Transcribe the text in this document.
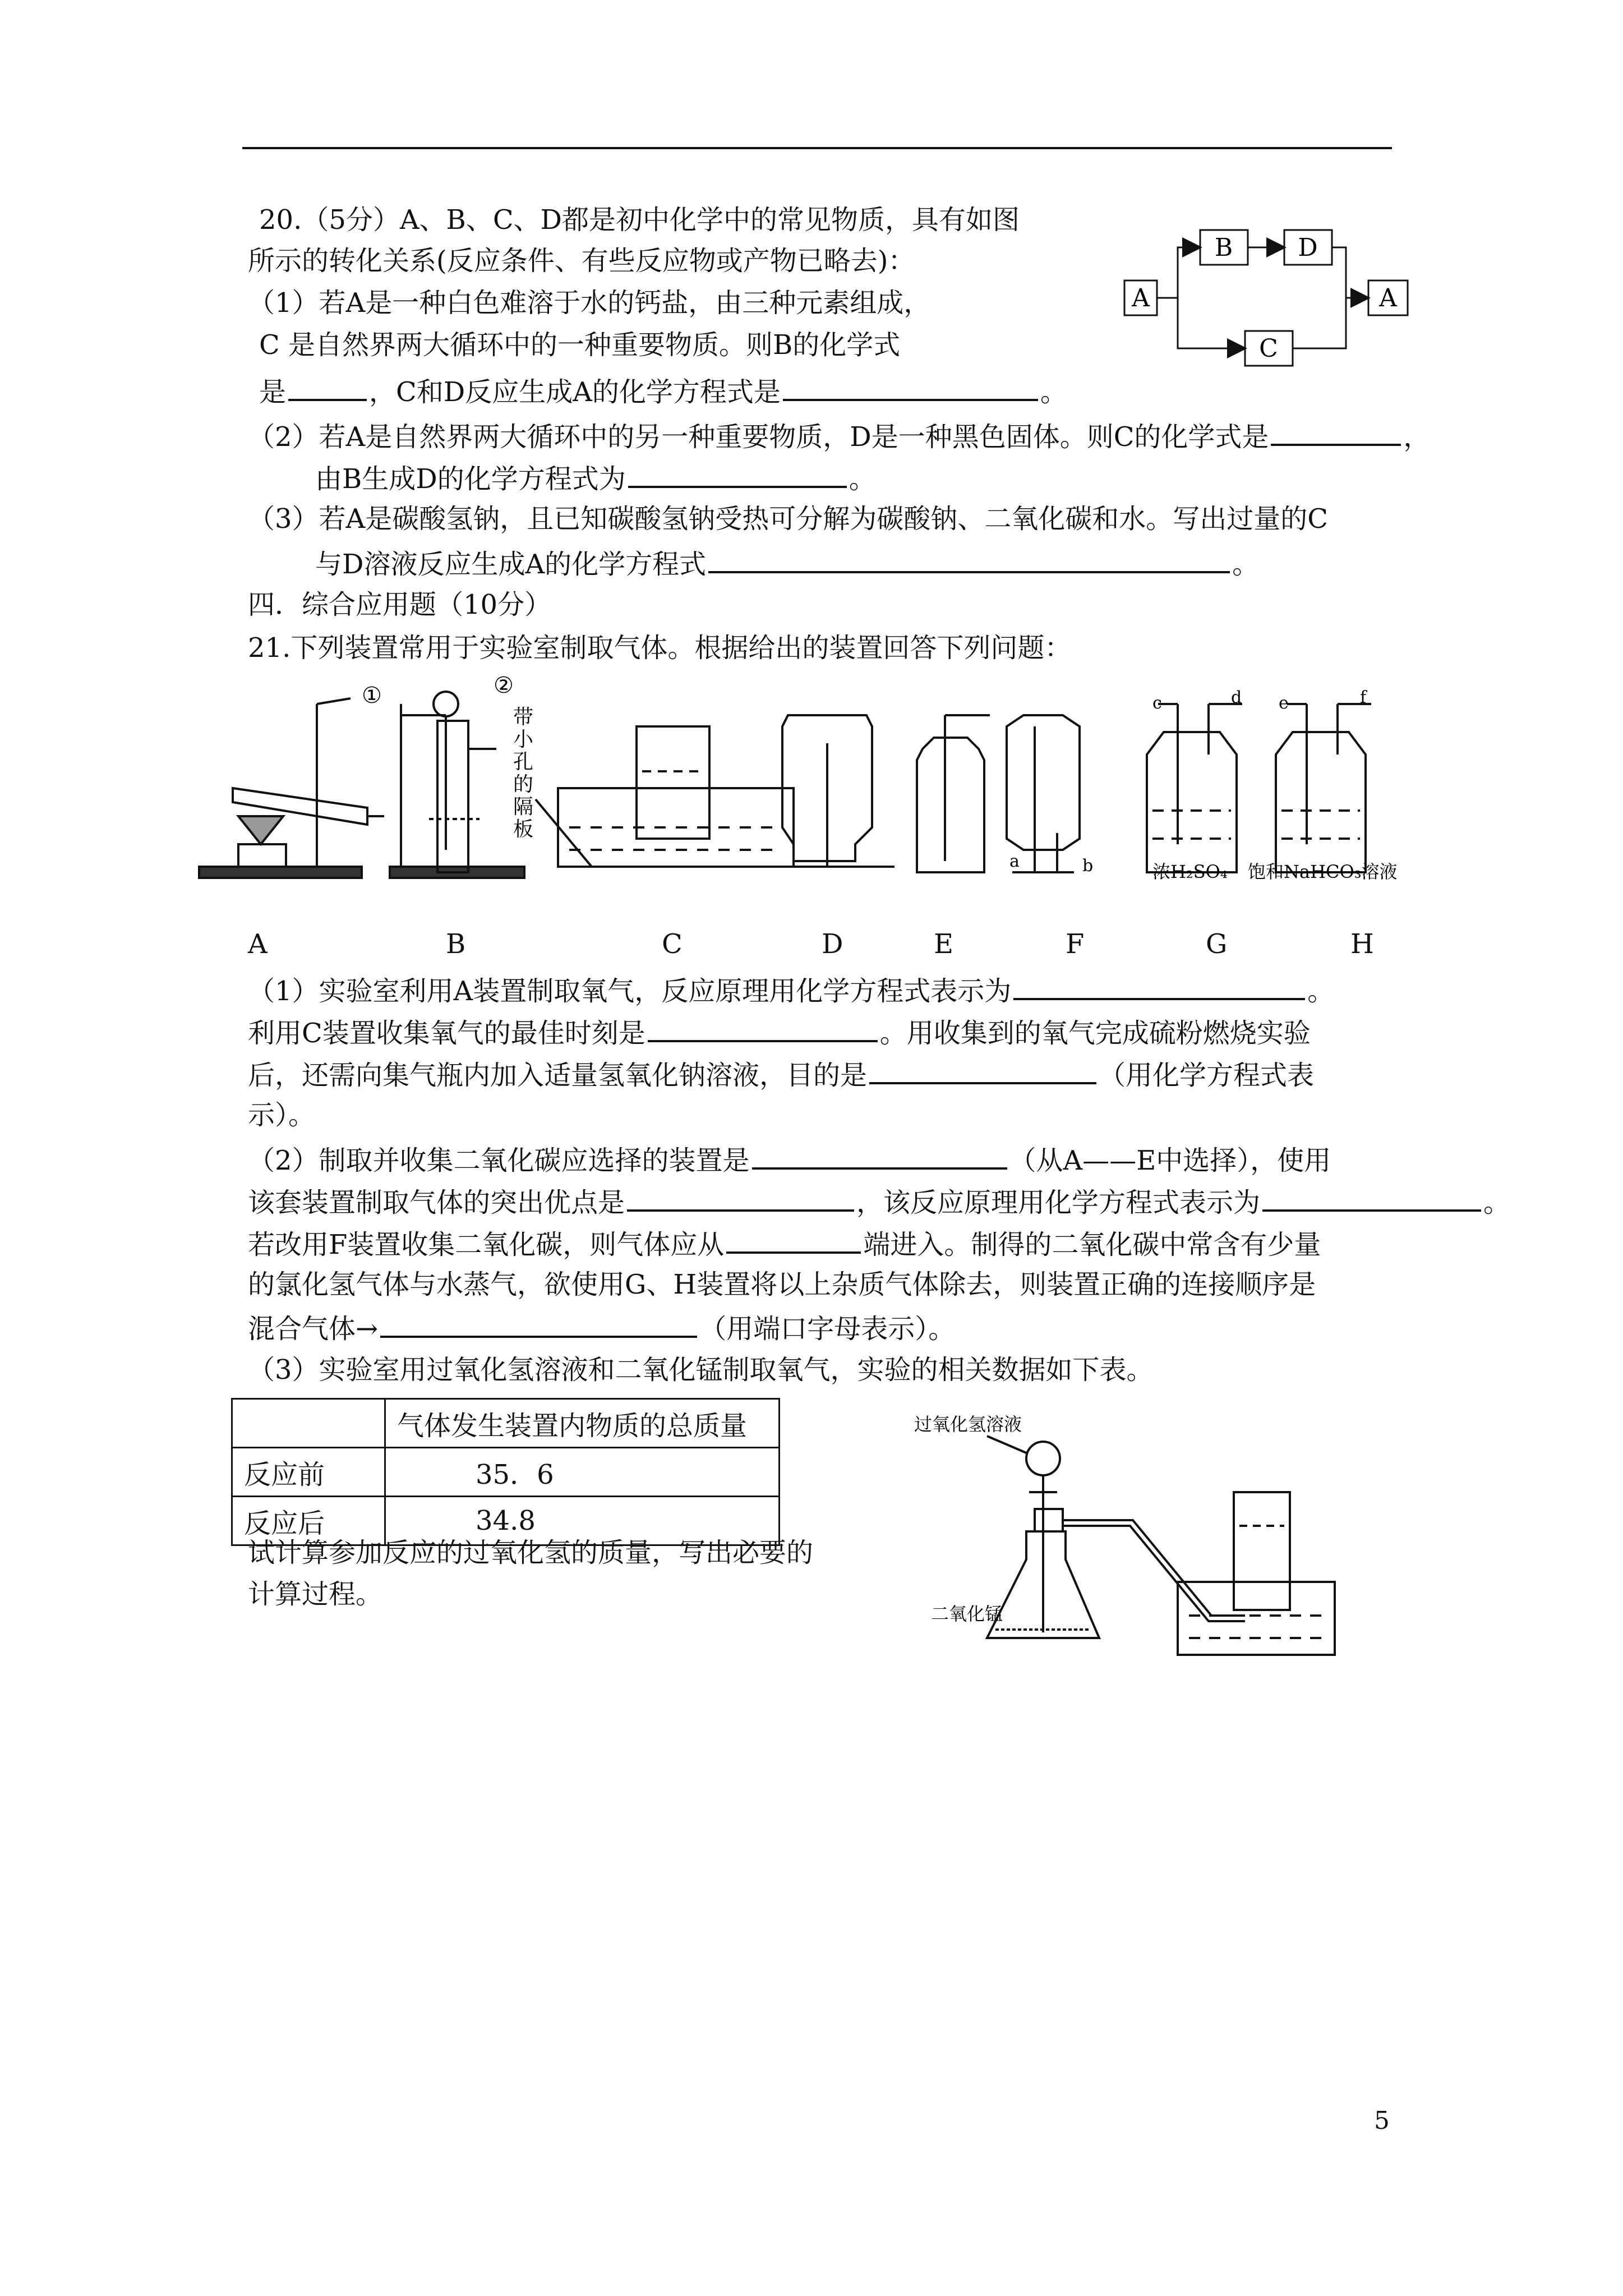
20.（5分）A、B、C、D都是初中化学中的常见物质，具有如图
所示的转化关系(反应条件、有些反应物或产物已略去)：
（1）若A是一种白色难溶于水的钙盐，由三种元素组成，
C 是自然界两大循环中的一种重要物质。则B的化学式
是	，C和D反应生成A的化学方程式是	。
（2）若A是自然界两大循环中的另一种重要物质，D是一种黑色固体。则C的化学式是	，
由B生成D的化学方程式为	。
（3）若A是碳酸氢钠，且已知碳酸氢钠受热可分解为碳酸钠、二氧化碳和水。写出过量的C
与D溶液反应生成A的化学方程式	。
A
B	D
C
A
四．综合应用题（10分）
21.下列装置常用于实验室制取气体。根据给出的装置回答下列问题：
①	②
带
小
孔
的
隔
板
a	b
c	d e	f
浓H₂SO₄ 饱和NaHCO₃溶液
A	B	C	D	E	F	G	H
（1）实验室利用A装置制取氧气，反应原理用化学方程式表示为	。
利用C装置收集氧气的最佳时刻是	。用收集到的氧气完成硫粉燃烧实验
后，还需向集气瓶内加入适量氢氧化钠溶液，目的是	（用化学方程式表
示）。
（2）制取并收集二氧化碳应选择的装置是	（从A——E中选择），使用
该套装置制取气体的突出优点是	，该反应原理用化学方程式表示为	。
若改用F装置收集二氧化碳，则气体应从	端进入。制得的二氧化碳中常含有少量
的氯化氢气体与水蒸气，欲使用G、H装置将以上杂质气体除去，则装置正确的连接顺序是
混合气体→	（用端口字母表示）。
（3）实验室用过氧化氢溶液和二氧化锰制取氧气，实验的相关数据如下表。
	气体发生装置内物质的总质量
反应前	35．6
反应后	34.8
试计算参加反应的过氧化氢的质量，写出必要的
计算过程。
过氧化氢溶液
二氧化锰
5
